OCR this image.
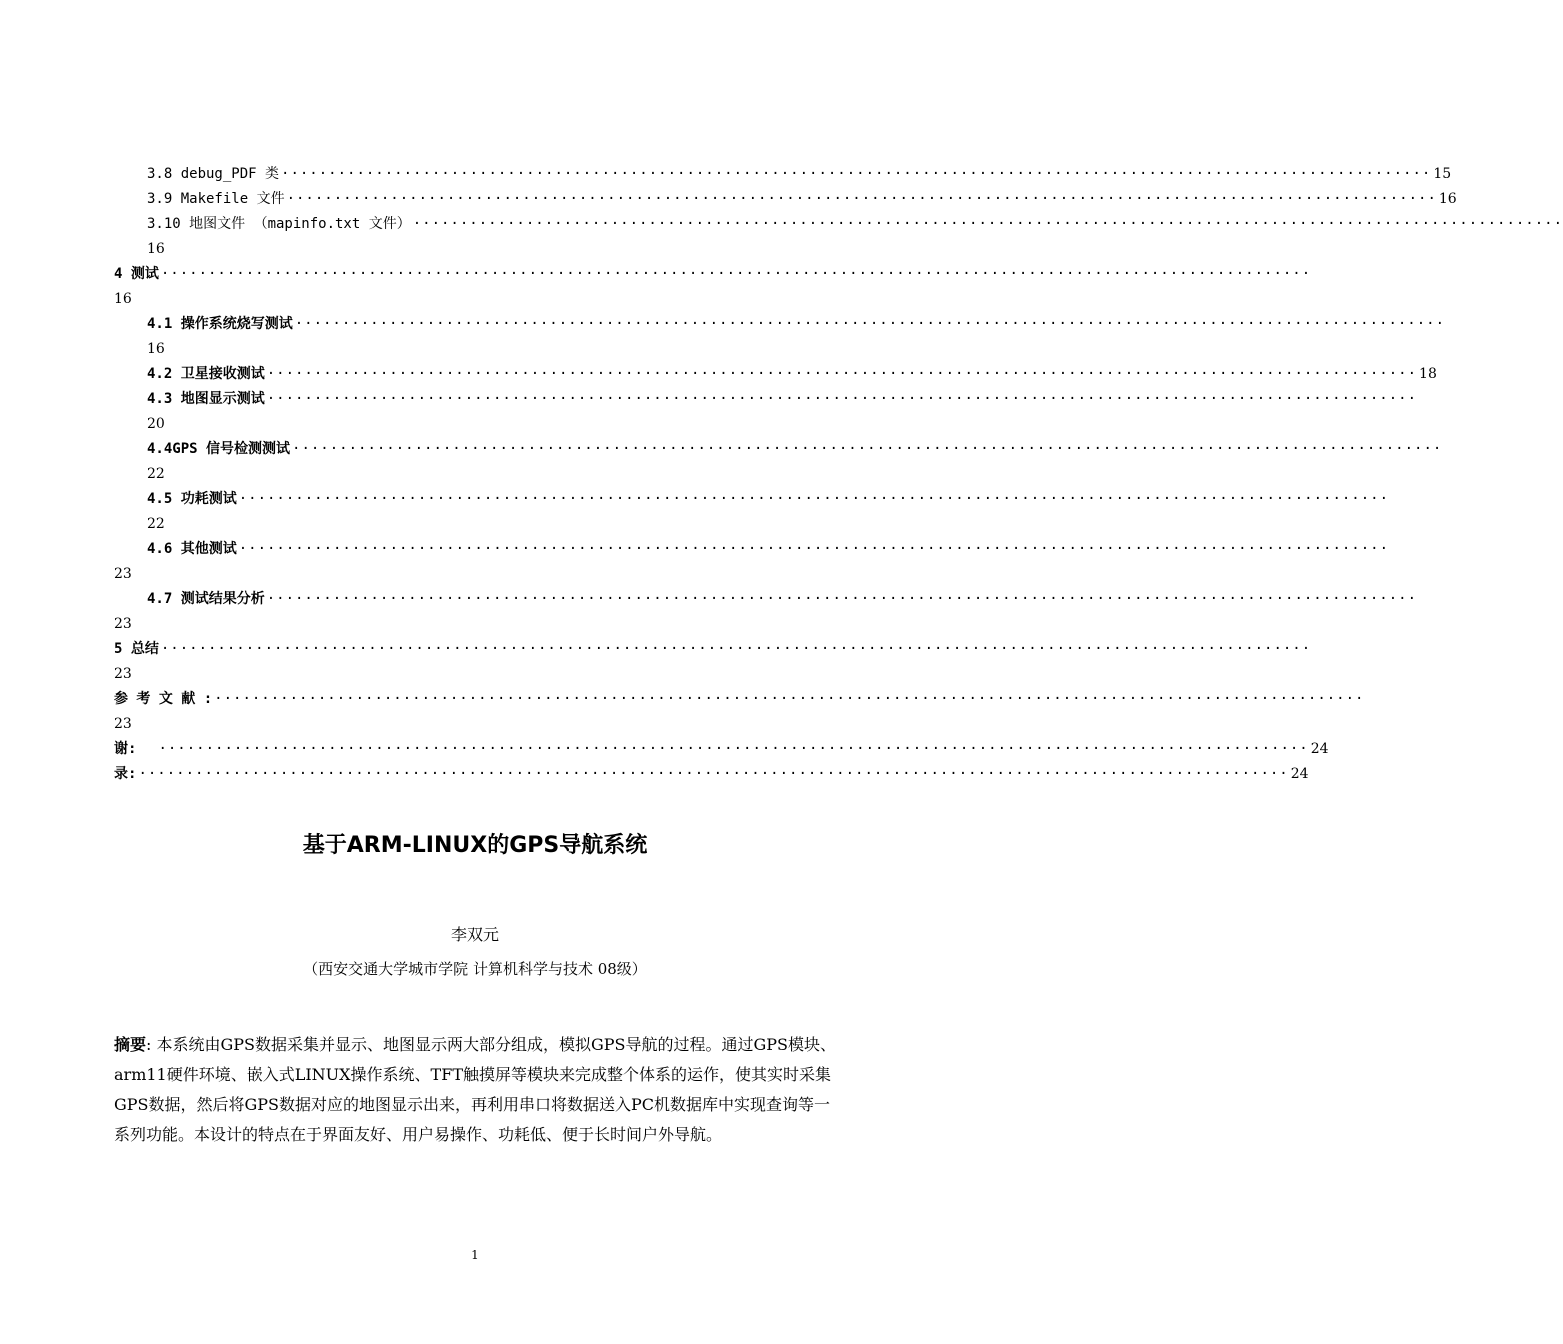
3.8 debug_PDF 类 ·························································································································· 15
3.9 Makefile 文件 ·························································································································· 16
3.10 地图文件 （mapinfo.txt 文件） ··························································································································
16
4 测试 ··························································································································
16
4.1 操作系统烧写测试 ··························································································································
16
4.2 卫星接收测试 ·························································································································· 18
4.3 地图显示测试 ··························································································································
20
4.4GPS 信号检测测试 ··························································································································
22
4.5 功耗测试 ··························································································································
22
4.6 其他测试 ··························································································································
23
4.7 测试结果分析 ··························································································································
23
5 总结 ··························································································································
23
参 考 文 献 : ··························································································································
23
谢: ·························································································································· 24
录: ·························································································································· 24
基于ARM-LINUX的GPS导航系统
李双元
（西安交通大学城市学院 计算机科学与技术 08级）

摘要: 本系统由GPS数据采集并显示、地图显示两大部分组成，模拟GPS导航的过程。通过GPS模块、arm11硬件环境、嵌入式LINUX操作系统、TFT触摸屏等模块来完成整个体系的运作，使其实时采集GPS数据，然后将GPS数据对应的地图显示出来，再利用串口将数据送入PC机数据库中实现查询等一系列功能。本设计的特点在于界面友好、用户易操作、功耗低、便于长时间户外导航。

1
